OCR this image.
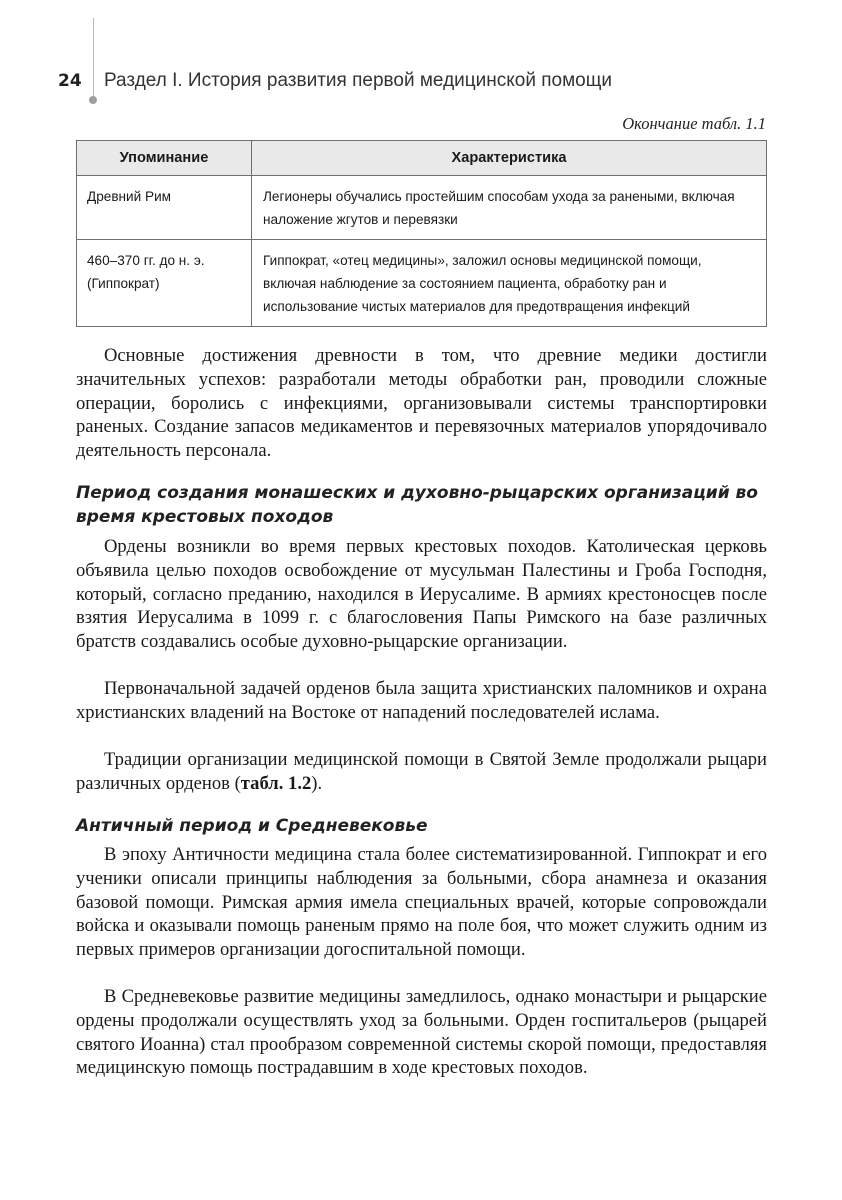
24 Раздел I. История развития первой медицинской помощи
Окончание табл. 1.1
Упоминание	Характеристика
Древний Рим	Легионеры обучались простейшим способам ухода за ранеными, включая наложение жгутов и перевязки
460–370 гг. до н. э. (Гиппократ)	Гиппократ, «отец медицины», заложил основы медицинской помощи, включая наблюдение за состоянием пациента, обработку ран и использование чистых материалов для предотвращения инфекций

Основные достижения древности в том, что древние медики достигли значительных успехов: разработали методы обработки ран, проводили сложные операции, боролись с инфекциями, организовывали системы транспортировки раненых. Создание запасов медикаментов и перевязочных материалов упорядочивало деятельность персонала.

Период создания монашеских и духовно-рыцарских организаций во время крестовых походов

Ордены возникли во время первых крестовых походов. Католическая церковь объявила целью походов освобождение от мусульман Палестины и Гроба Господня, который, согласно преданию, находился в Иерусалиме. В армиях крестоносцев после взятия Иерусалима в 1099 г. с благословения Папы Римского на базе различных братств создавались особые духовно-рыцарские организации.

Первоначальной задачей орденов была защита христианских паломников и охрана христианских владений на Востоке от нападений последователей ислама.

Традиции организации медицинской помощи в Святой Земле продолжали рыцари различных орденов (табл. 1.2).

Античный период и Средневековье

В эпоху Античности медицина стала более систематизированной. Гиппократ и его ученики описали принципы наблюдения за больными, сбора анамнеза и оказания базовой помощи. Римская армия имела специальных врачей, которые сопровождали войска и оказывали помощь раненым прямо на поле боя, что может служить одним из первых примеров организации догоспитальной помощи.

В Средневековье развитие медицины замедлилось, однако монастыри и рыцарские ордены продолжали осуществлять уход за больными. Орден госпитальеров (рыцарей святого Иоанна) стал прообразом современной системы скорой помощи, предоставляя медицинскую помощь пострадавшим в ходе крестовых походов.
